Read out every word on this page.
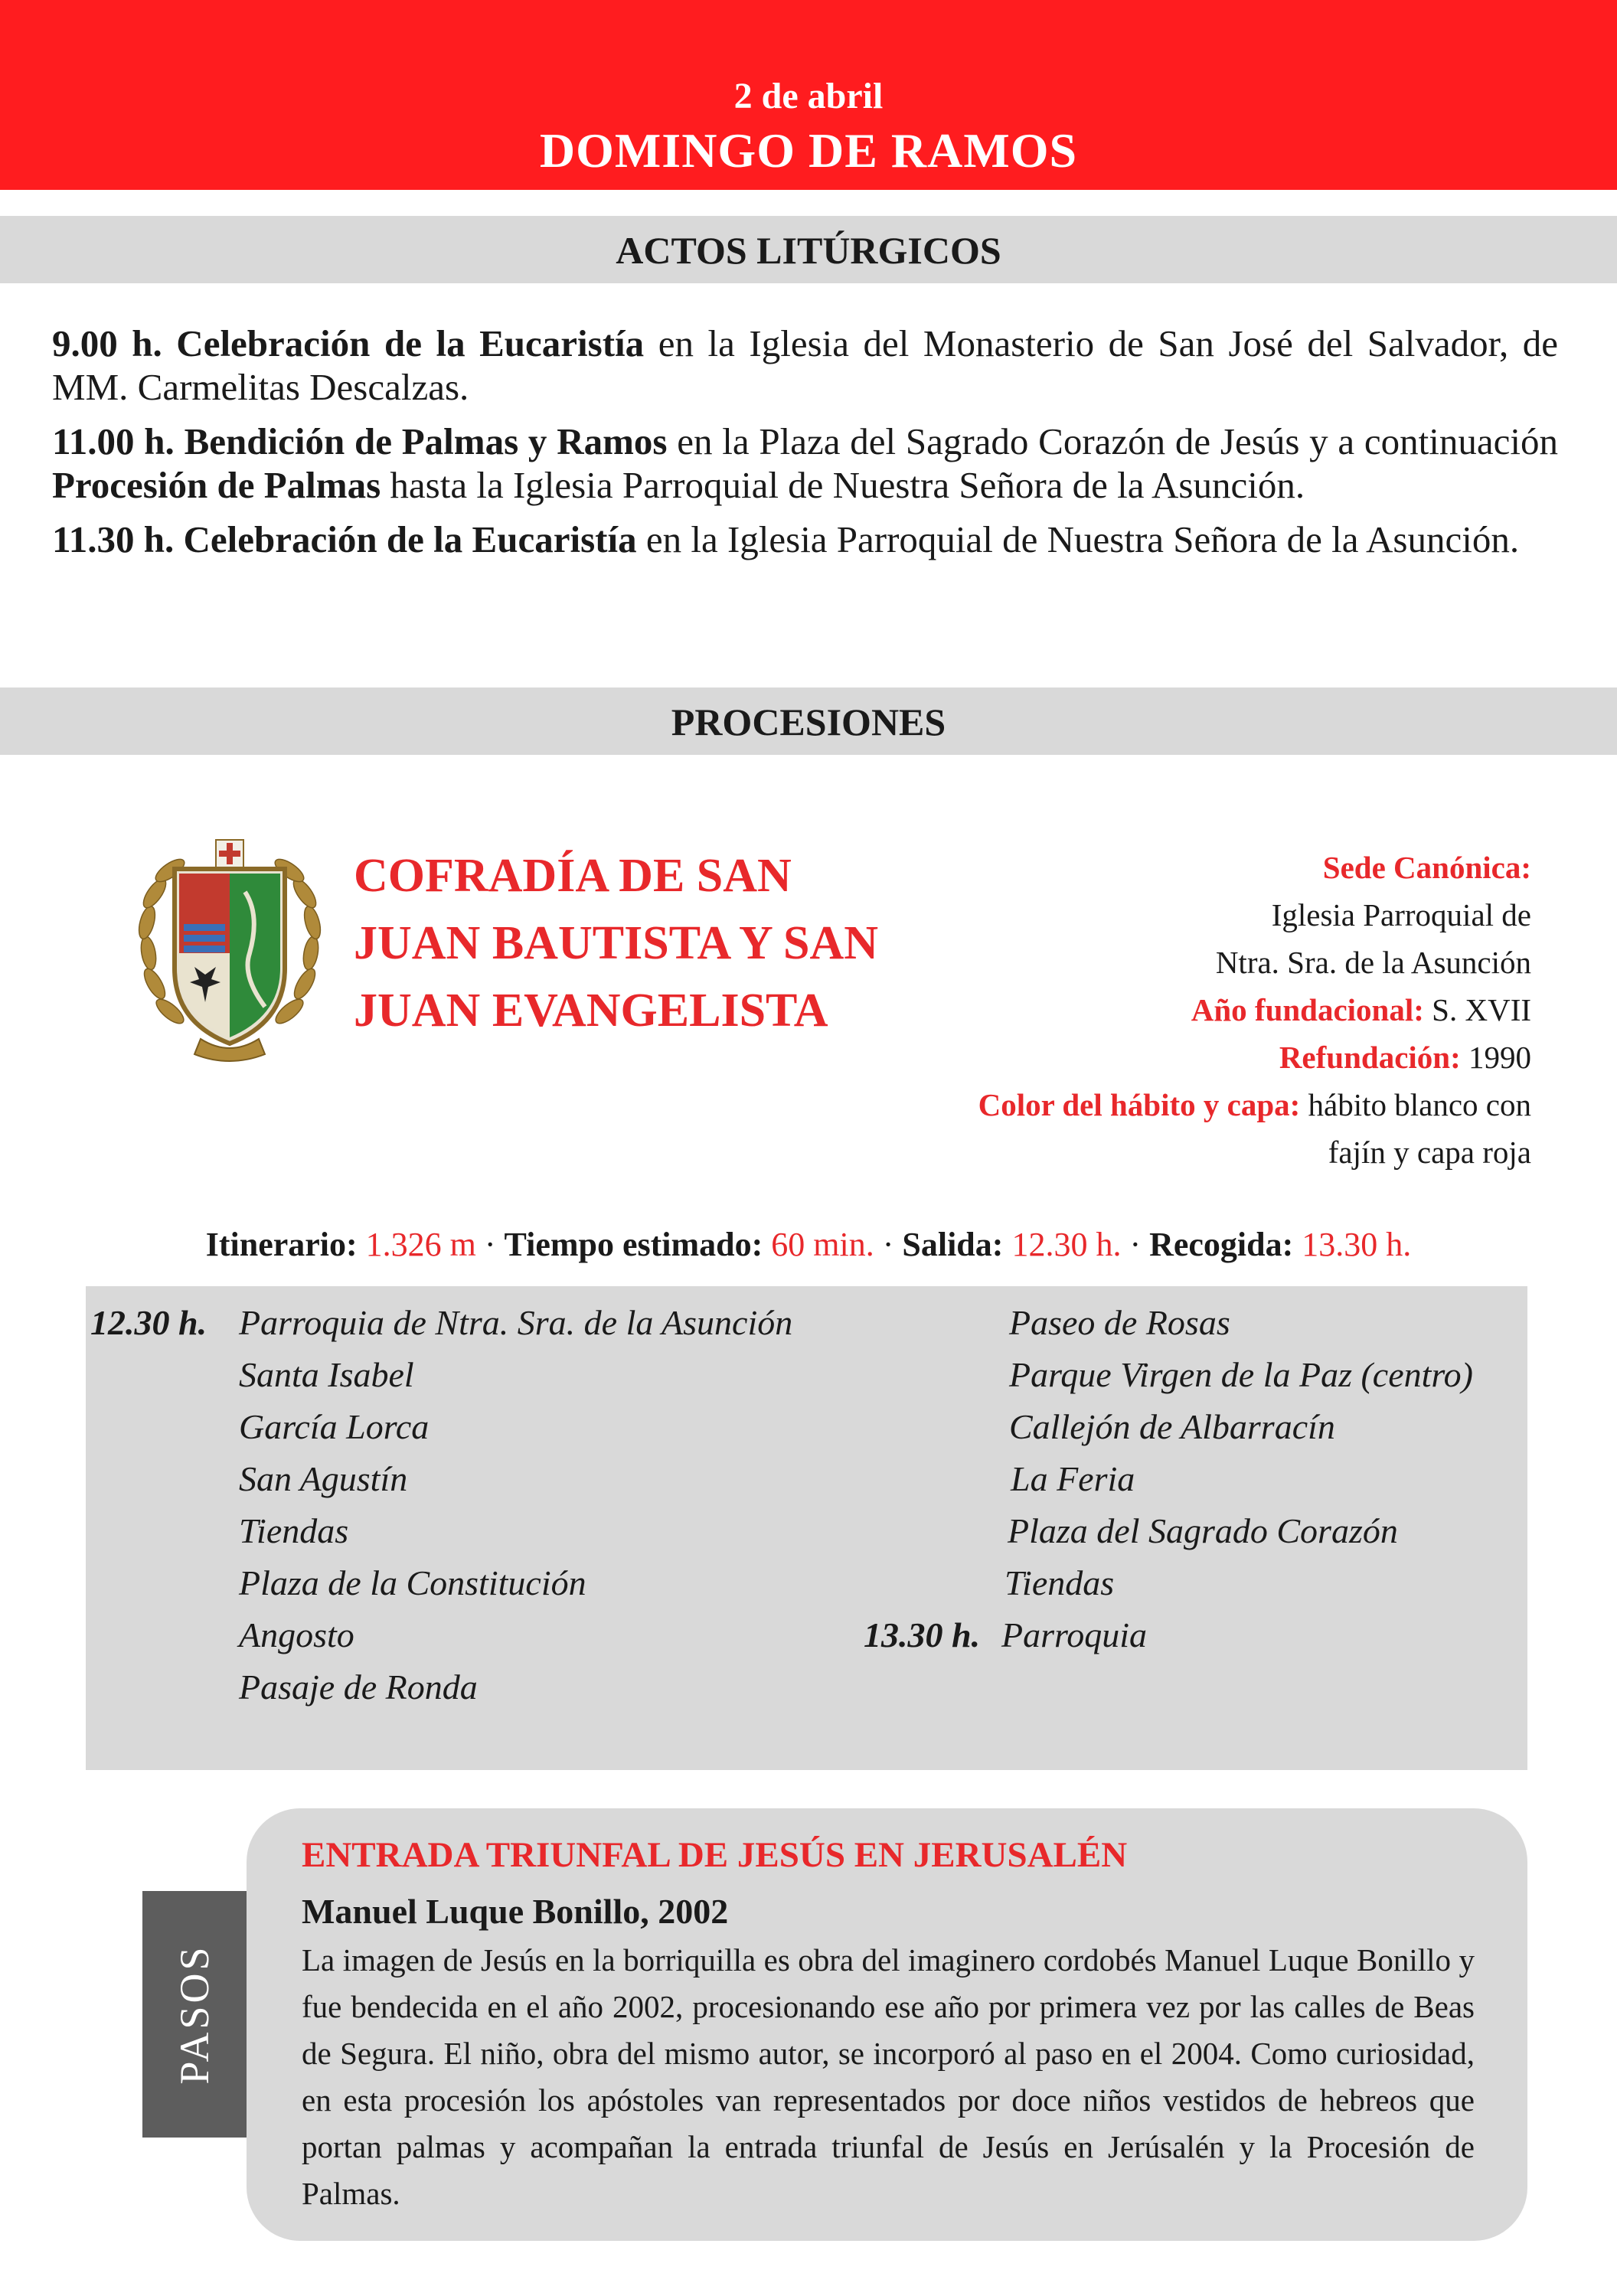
2 de abril
DOMINGO DE RAMOS
ACTOS LITÚRGICOS

9.00 h. Celebración de la Eucaristía en la Iglesia del Monasterio de San José del Salvador, de MM. Carmelitas Descalzas.

11.00 h. Bendición de Palmas y Ramos en la Plaza del Sagrado Corazón de Jesús y a continuación Procesión de Palmas hasta la Iglesia Parroquial de Nuestra Señora de la Asunción.

11.30 h. Celebración de la Eucaristía en la Iglesia Parroquial de Nuestra Señora de la Asunción.

PROCESIONES
COFRADÍA DE SAN
JUAN BAUTISTA Y SAN
JUAN EVANGELISTA
Sede Canónica:
Iglesia Parroquial de
Ntra. Sra. de la Asunción
Año fundacional: S. XVII
Refundación: 1990
Color del hábito y capa: hábito blanco con
fajín y capa roja
Itinerario: 1.326 m · Tiempo estimado: 60 min. · Salida: 12.30 h. · Recogida: 13.30 h.
12.30 h. Parroquia de Ntra. Sra. de la Asunción
Santa Isabel
García Lorca
San Agustín
Tiendas
Plaza de la Constitución
Angosto
Pasaje de Ronda
Paseo de Rosas
Parque Virgen de la Paz (centro)
Callejón de Albarracín
La Feria
Plaza del Sagrado Corazón
Tiendas
13.30 h. Parroquia
PASOS
ENTRADA TRIUNFAL DE JESÚS EN JERUSALÉN
Manuel Luque Bonillo, 2002
La imagen de Jesús en la borriquilla es obra del imaginero cordobés Manuel Luque Bonillo y fue bendecida en el año 2002, procesionando ese año por primera vez por las calles de Beas de Segura. El niño, obra del mismo autor, se incorporó al paso en el 2004. Como curiosidad, en esta procesión los apóstoles van representados por doce niños vestidos de hebreos que portan palmas y acompañan la entrada triunfal de Jesús en Jerúsalén y la Procesión de Palmas.
